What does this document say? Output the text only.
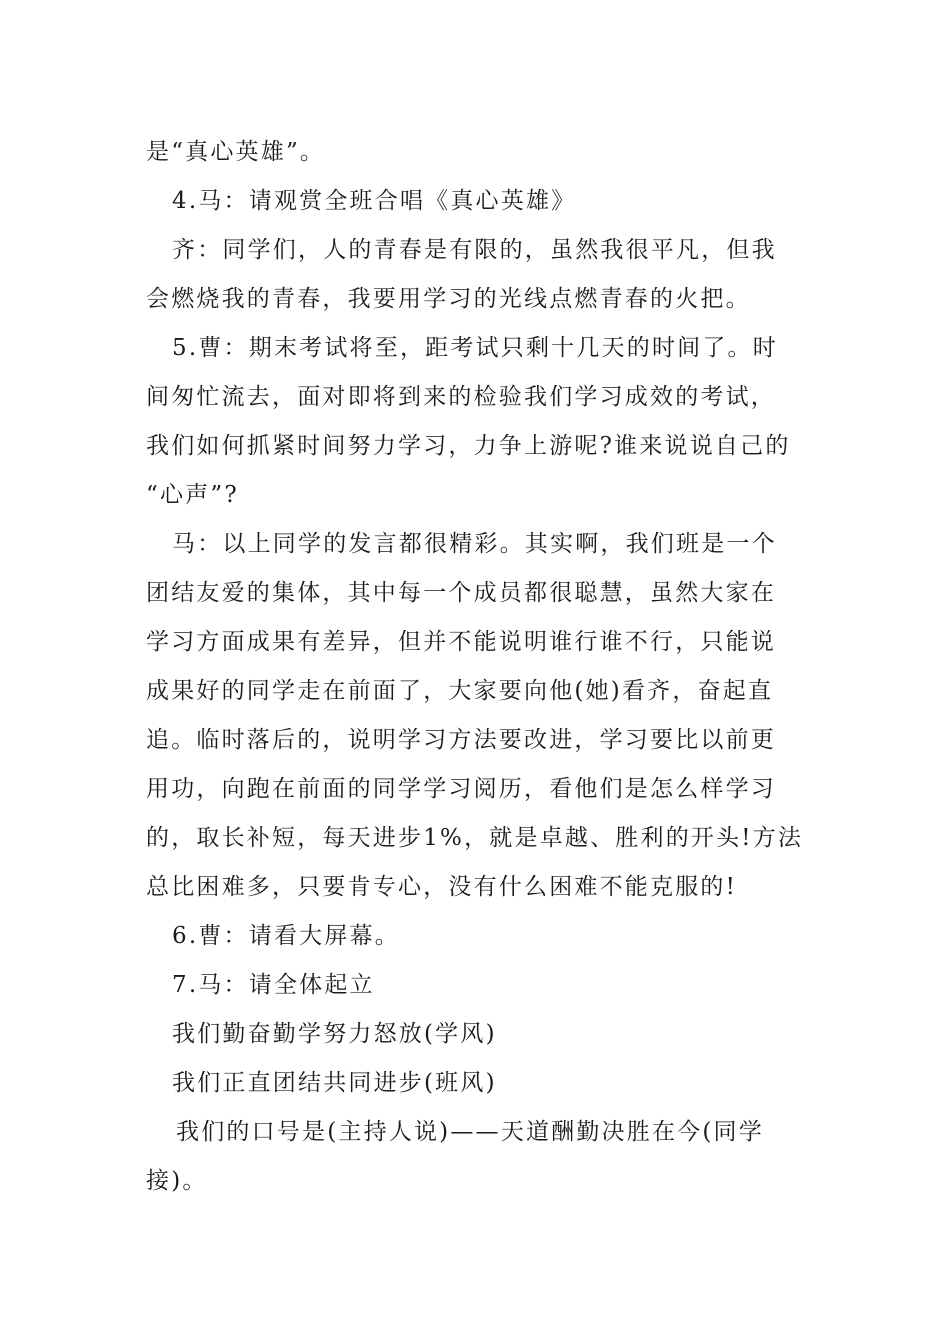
是“真心英雄”。
4.马：请观赏全班合唱《真心英雄》
齐：同学们，人的青春是有限的，虽然我很平凡，但我
会燃烧我的青春，我要用学习的光线点燃青春的火把。
5.曹：期末考试将至，距考试只剩十几天的时间了。时
间匆忙流去，面对即将到来的检验我们学习成效的考试，
我们如何抓紧时间努力学习，力争上游呢?谁来说说自己的
“心声”?
马：以上同学的发言都很精彩。其实啊，我们班是一个
团结友爱的集体，其中每一个成员都很聪慧，虽然大家在
学习方面成果有差异，但并不能说明谁行谁不行，只能说
成果好的同学走在前面了，大家要向他(她)看齐，奋起直
追。临时落后的，说明学习方法要改进，学习要比以前更
用功，向跑在前面的同学学习阅历，看他们是怎么样学习
的，取长补短，每天进步1%，就是卓越、胜利的开头!方法
总比困难多，只要肯专心，没有什么困难不能克服的!
6.曹：请看大屏幕。
7.马：请全体起立
我们勤奋勤学努力怒放(学风)
我们正直团结共同进步(班风)
我们的口号是(主持人说)——天道酬勤决胜在今(同学
接)。
